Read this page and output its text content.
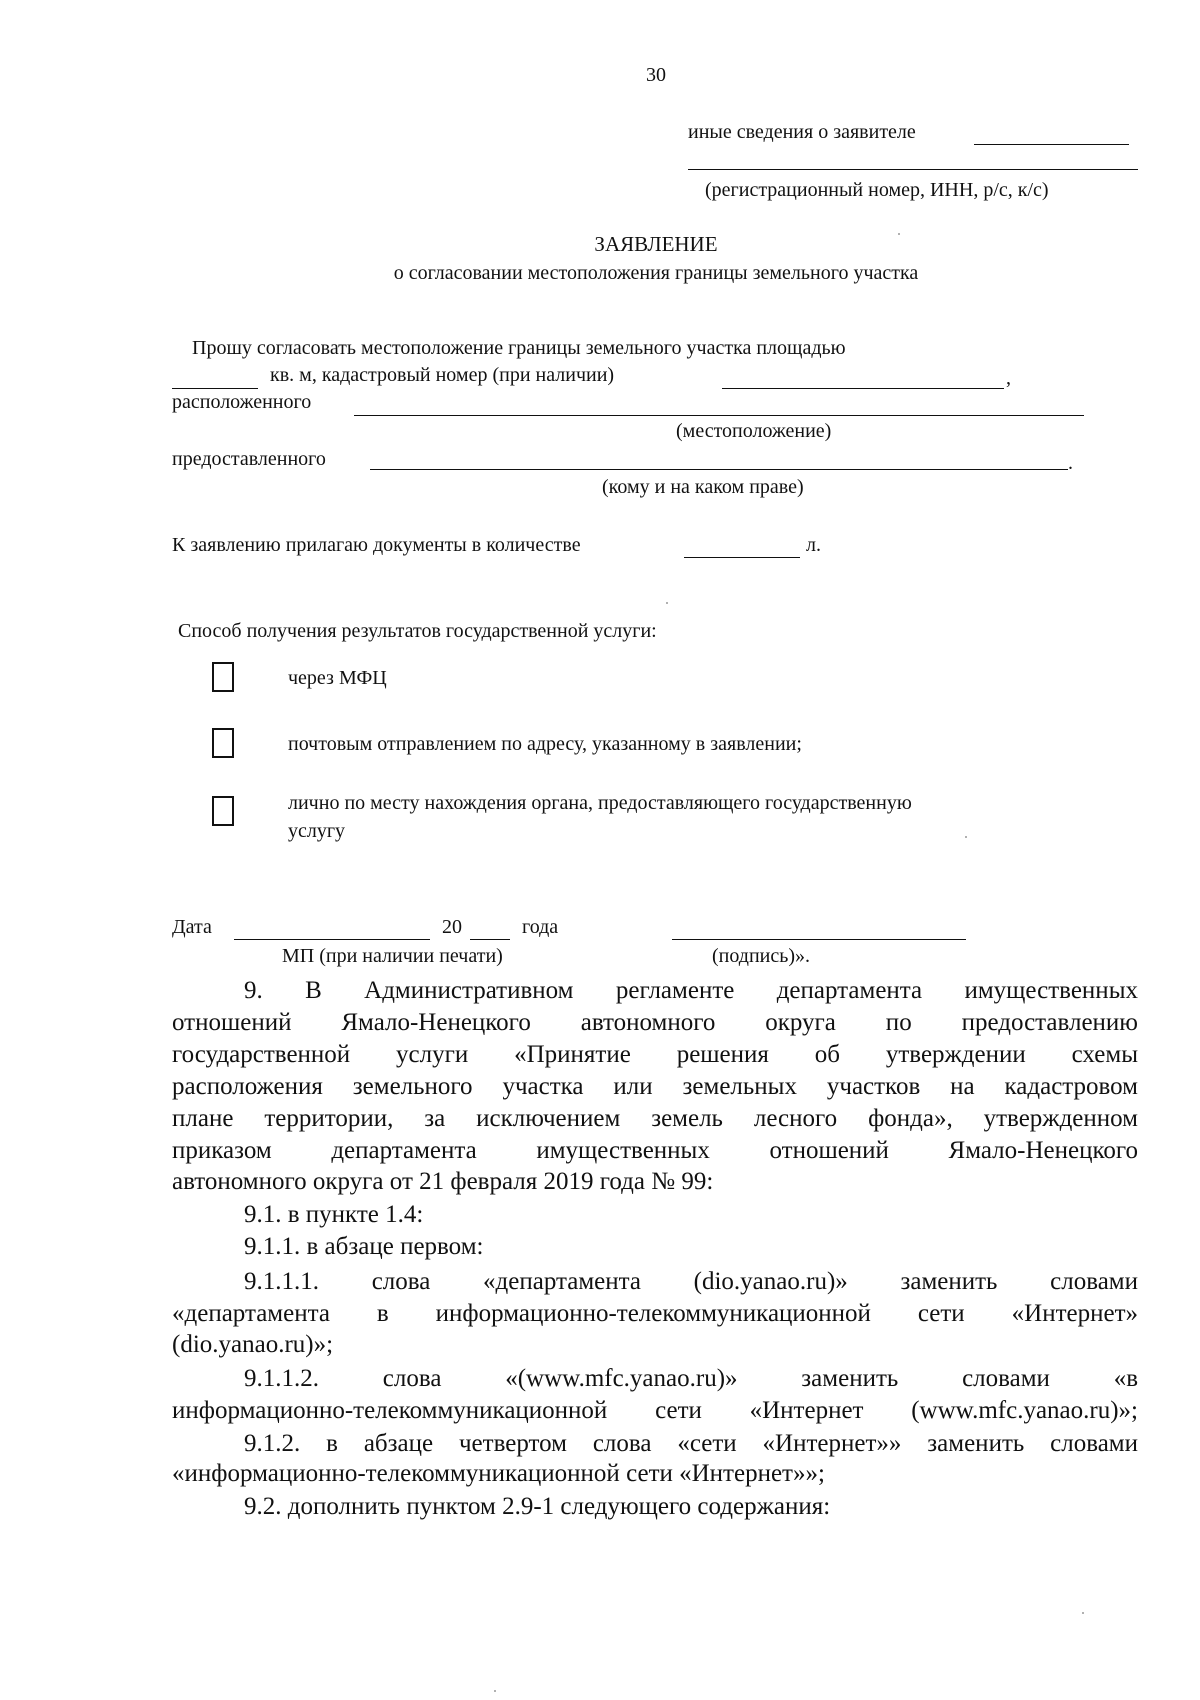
30
иные сведения о заявителе
(регистрационный номер, ИНН, р/с, к/с)
ЗАЯВЛЕНИЕ
о согласовании местоположения границы земельного участка
Прошу согласовать местоположение границы земельного участка площадью
кв. м, кадастровый номер (при наличии)	,
расположенного
(местоположение)
предоставленного	.
(кому и на каком праве)
К заявлению прилагаю документы в количестве	л.
Способ получения результатов государственной услуги:
через МФЦ
почтовым отправлением по адресу, указанному в заявлении;
лично по месту нахождения органа, предоставляющего государственную
услугу
Дата	20	года
МП (при наличии печати)	(подпись)».
9. В Административном регламенте департамента имущественных
отношений Ямало-Ненецкого автономного округа по предоставлению
государственной услуги «Принятие решения об утверждении схемы
расположения земельного участка или земельных участков на кадастровом
плане территории, за исключением земель лесного фонда», утвержденном
приказом департамента имущественных отношений Ямало-Ненецкого
автономного округа от 21 февраля 2019 года № 99:
9.1. в пункте 1.4:
9.1.1. в абзаце первом:
9.1.1.1. слова «департамента (dio.yanao.ru)» заменить словами
«департамента в информационно-телекоммуникационной сети «Интернет»
(dio.yanao.ru)»;
9.1.1.2. слова «(www.mfc.yanao.ru)» заменить словами «в
информационно-телекоммуникационной сети «Интернет (www.mfc.yanao.ru)»;
9.1.2. в абзаце четвертом слова «сети «Интернет»» заменить словами
«информационно-телекоммуникационной сети «Интернет»»;
9.2. дополнить пунктом 2.9-1 следующего содержания:
